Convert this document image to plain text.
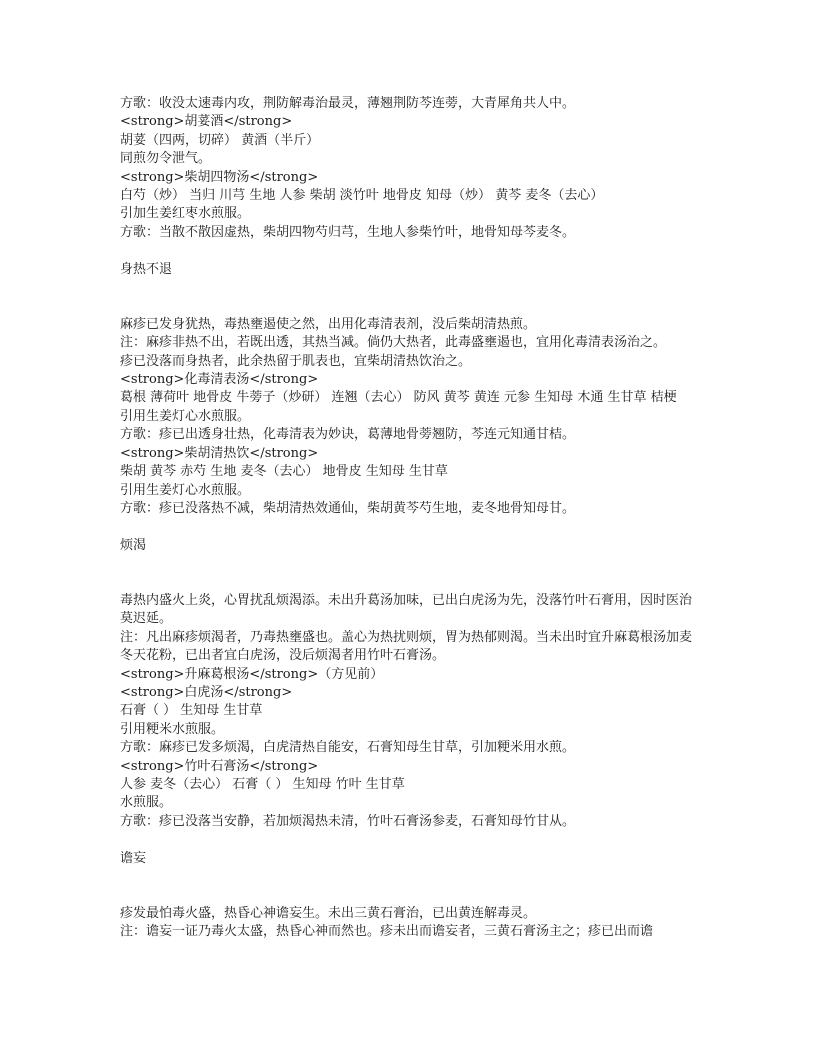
方歌：收没太速毒内攻，荆防解毒治最灵，薄翘荆防芩连蒡，大青犀角共人中。

<strong>胡荽酒</strong>

胡荽（四两，切碎） 黄酒（半斤）

同煎勿令泄气。

<strong>柴胡四物汤</strong>

白芍（炒） 当归 川芎 生地 人参 柴胡 淡竹叶 地骨皮 知母（炒） 黄芩 麦冬（去心）

引加生姜红枣水煎服。

方歌：当散不散因虚热，柴胡四物芍归芎，生地人参柴竹叶，地骨知母芩麦冬。

身热不退

麻疹已发身犹热，毒热壅遏使之然，出用化毒清表剂，没后柴胡清热煎。

注：麻疹非热不出，若既出透，其热当减。倘仍大热者，此毒盛壅遏也，宜用化毒清表汤治之。

疹已没落而身热者，此余热留于肌表也，宜柴胡清热饮治之。

<strong>化毒清表汤</strong>

葛根 薄荷叶 地骨皮 牛蒡子（炒研） 连翘（去心） 防风 黄芩 黄连 元参 生知母 木通 生甘草 桔梗

引用生姜灯心水煎服。

方歌：疹已出透身壮热，化毒清表为妙诀，葛薄地骨蒡翘防，芩连元知通甘桔。

<strong>柴胡清热饮</strong>

柴胡 黄芩 赤芍 生地 麦冬（去心） 地骨皮 生知母 生甘草

引用生姜灯心水煎服。

方歌：疹已没落热不减，柴胡清热效通仙，柴胡黄芩芍生地，麦冬地骨知母甘。

烦渴

毒热内盛火上炎，心胃扰乱烦渴添。未出升葛汤加味，已出白虎汤为先，没落竹叶石膏用，因时医治莫迟延。

注：凡出麻疹烦渴者，乃毒热壅盛也。盖心为热扰则烦，胃为热郁则渴。当未出时宜升麻葛根汤加麦冬天花粉，已出者宜白虎汤，没后烦渴者用竹叶石膏汤。

<strong>升麻葛根汤</strong>（方见前）

<strong>白虎汤</strong>

石膏（ ） 生知母 生甘草

引用粳米水煎服。

方歌：麻疹已发多烦渴，白虎清热自能安，石膏知母生甘草，引加粳米用水煎。

<strong>竹叶石膏汤</strong>

人参 麦冬（去心） 石膏（ ） 生知母 竹叶 生甘草

水煎服。

方歌：疹已没落当安静，若加烦渴热未清，竹叶石膏汤参麦，石膏知母竹甘从。

谵妄

疹发最怕毒火盛，热昏心神谵妄生。未出三黄石膏治，已出黄连解毒灵。

注：谵妄一证乃毒火太盛，热昏心神而然也。疹未出而谵妄者，三黄石膏汤主之；疹已出而谵
